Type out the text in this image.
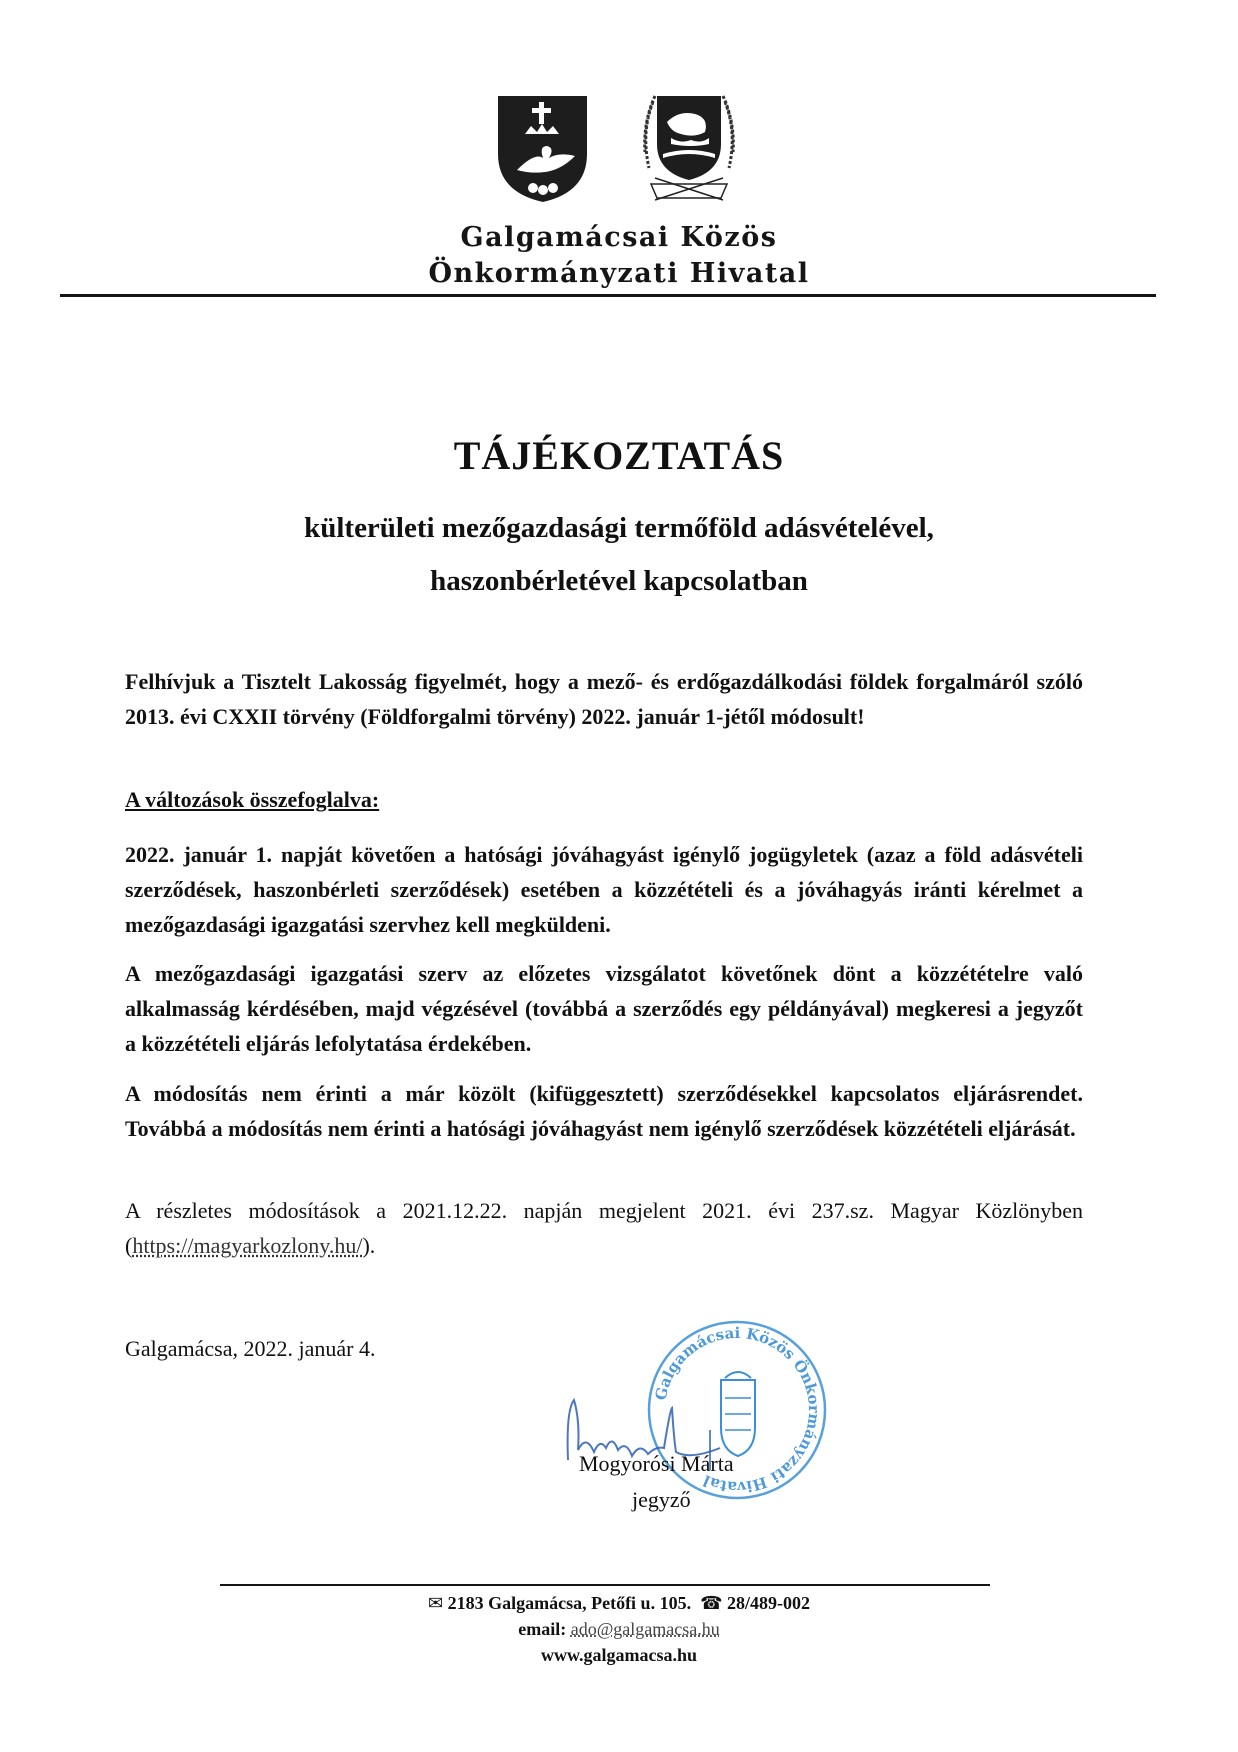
Galgamácsai Közös
Önkormányzati Hivatal
TÁJÉKOZTATÁS
külterületi mezőgazdasági termőföld adásvételével,
haszonbérletével kapcsolatban
Felhívjuk a Tisztelt Lakosság figyelmét, hogy a mező- és erdőgazdálkodási földek forgalmáról szóló 2013. évi CXXII törvény (Földforgalmi törvény) 2022. január 1-jétől módosult!
A változások összefoglalva:
2022. január 1. napját követően a hatósági jóváhagyást igénylő jogügyletek (azaz a föld adásvételi szerződések, haszonbérleti szerződések) esetében a közzétételi és a jóváhagyás iránti kérelmet a mezőgazdasági igazgatási szervhez kell megküldeni.
A mezőgazdasági igazgatási szerv az előzetes vizsgálatot követőnek dönt a közzétételre való alkalmasság kérdésében, majd végzésével (továbbá a szerződés egy példányával) megkeresi a jegyzőt a közzétételi eljárás lefolytatása érdekében.
A módosítás nem érinti a már közölt (kifüggesztett) szerződésekkel kapcsolatos eljárásrendet. Továbbá a módosítás nem érinti a hatósági jóváhagyást nem igénylő szerződések közzétételi eljárását.
A részletes módosítások a 2021.12.22. napján megjelent 2021. évi 237.sz. Magyar Közlönyben (https://magyarkozlony.hu/).
Galgamácsa, 2022. január 4.
Galgamácsai Közös Önkormányzati Hivatal
Mogyorósi Márta
jegyző
✉ 2183 Galgamácsa, Petőfi u. 105. ☎ 28/489-002
email: ado@galgamacsa.hu
www.galgamacsa.hu
